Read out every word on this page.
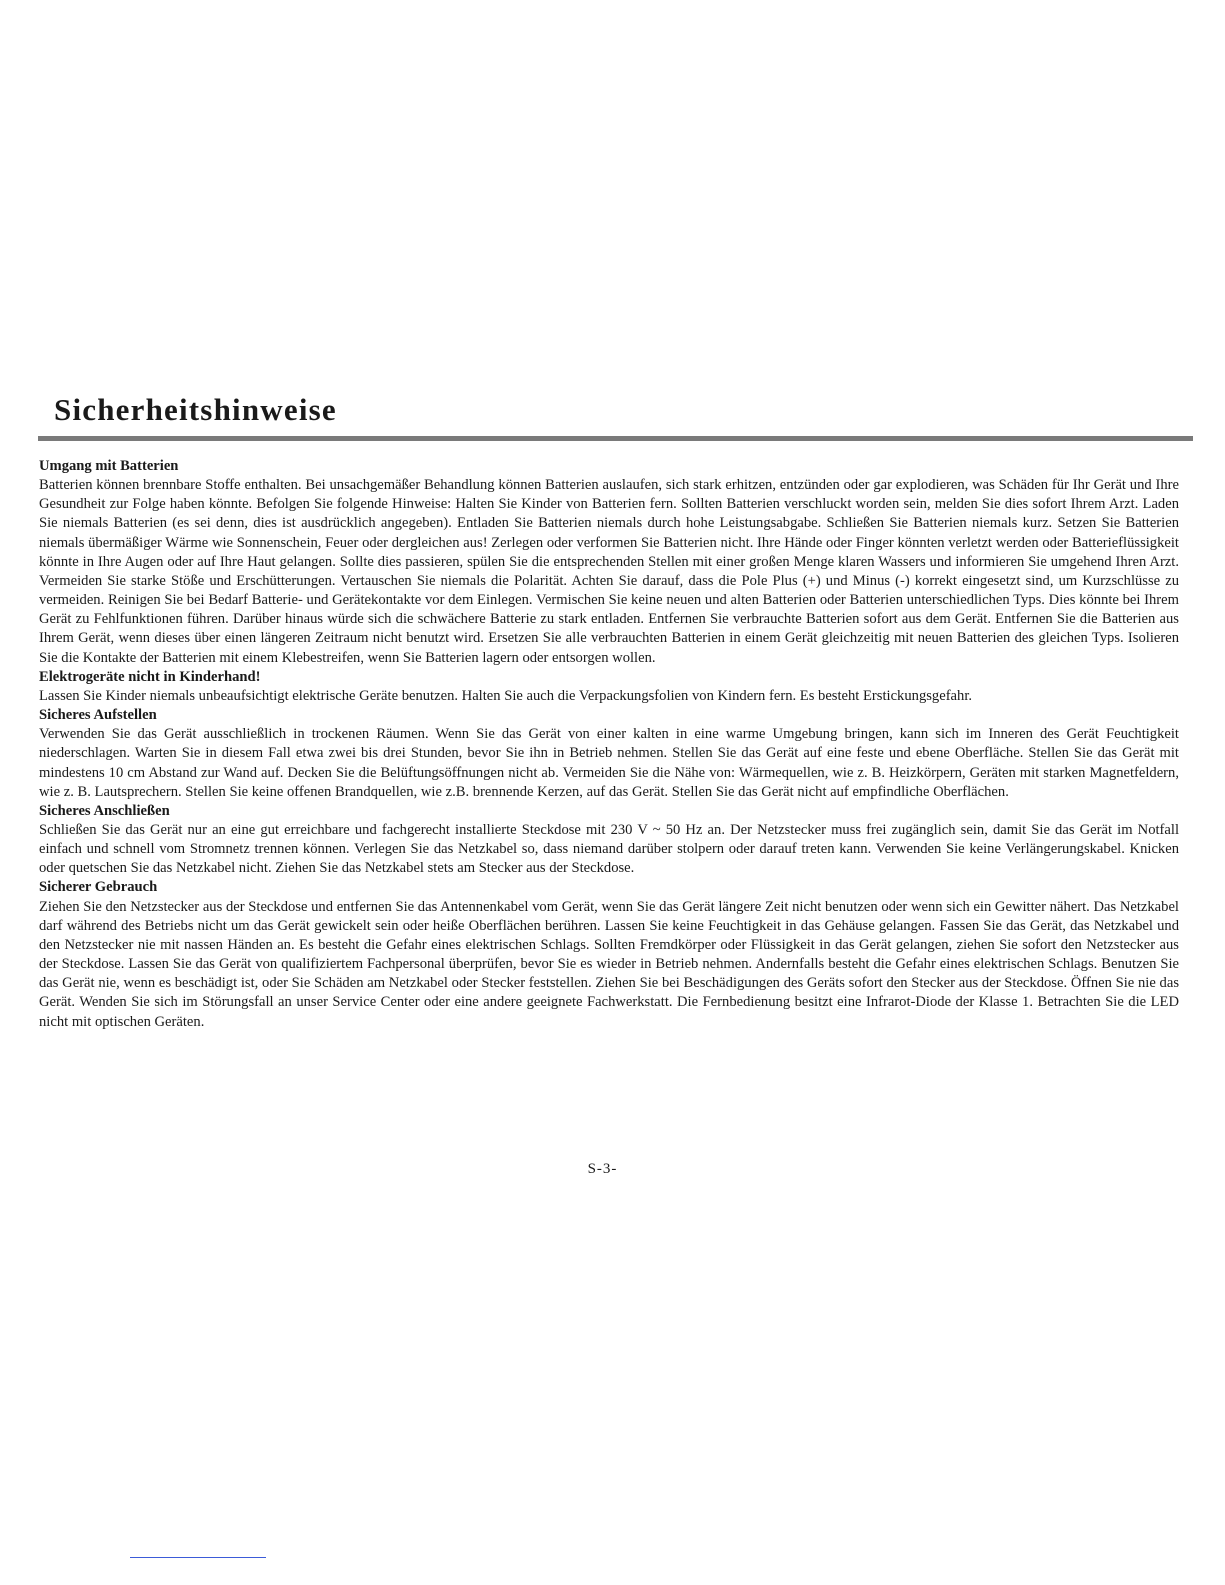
Sicherheitshinweise

Umgang mit Batterien

Batterien können brennbare Stoffe enthalten. Bei unsachgemäßer Behandlung können Batterien auslaufen, sich stark erhitzen, entzünden oder gar explodieren, was Schäden für Ihr Gerät und Ihre Gesundheit zur Folge haben könnte. Befolgen Sie folgende Hinweise: Halten Sie Kinder von Batterien fern. Sollten Batterien verschluckt worden sein, melden Sie dies sofort Ihrem Arzt. Laden Sie niemals Batterien (es sei denn, dies ist ausdrücklich angegeben). Entladen Sie Batterien niemals durch hohe Leistungsabgabe. Schließen Sie Batterien niemals kurz. Setzen Sie Batterien niemals übermäßiger Wärme wie Sonnenschein, Feuer oder dergleichen aus! Zerlegen oder verformen Sie Batterien nicht. Ihre Hände oder Finger könnten verletzt werden oder Batterieflüssigkeit könnte in Ihre Augen oder auf Ihre Haut gelangen. Sollte dies passieren, spülen Sie die entsprechenden Stellen mit einer großen Menge klaren Wassers und informieren Sie umgehend Ihren Arzt. Vermeiden Sie starke Stöße und Erschütterungen. Vertauschen Sie niemals die Polarität. Achten Sie darauf, dass die Pole Plus (+) und Minus (-) korrekt eingesetzt sind, um Kurzschlüsse zu vermeiden. Reinigen Sie bei Bedarf Batterie- und Gerätekontakte vor dem Einlegen. Vermischen Sie keine neuen und alten Batterien oder Batterien unterschiedlichen Typs. Dies könnte bei Ihrem Gerät zu Fehlfunktionen führen. Darüber hinaus würde sich die schwächere Batterie zu stark entladen. Entfernen Sie verbrauchte Batterien sofort aus dem Gerät. Entfernen Sie die Batterien aus Ihrem Gerät, wenn dieses über einen längeren Zeitraum nicht benutzt wird. Ersetzen Sie alle verbrauchten Batterien in einem Gerät gleichzeitig mit neuen Batterien des gleichen Typs. Isolieren Sie die Kontakte der Batterien mit einem Klebestreifen, wenn Sie Batterien lagern oder entsorgen wollen.

Elektrogeräte nicht in Kinderhand!

Lassen Sie Kinder niemals unbeaufsichtigt elektrische Geräte benutzen. Halten Sie auch die Verpackungsfolien von Kindern fern. Es besteht Erstickungsgefahr.

Sicheres Aufstellen

Verwenden Sie das Gerät ausschließlich in trockenen Räumen. Wenn Sie das Gerät von einer kalten in eine warme Umgebung bringen, kann sich im Inneren des Gerät Feuchtigkeit niederschlagen. Warten Sie in diesem Fall etwa zwei bis drei Stunden, bevor Sie ihn in Betrieb nehmen. Stellen Sie das Gerät auf eine feste und ebene Oberfläche. Stellen Sie das Gerät mit mindestens 10 cm Abstand zur Wand auf. Decken Sie die Belüftungsöffnungen nicht ab. Vermeiden Sie die Nähe von: Wärmequellen, wie z. B. Heizkörpern, Geräten mit starken Magnetfeldern, wie z. B. Lautsprechern. Stellen Sie keine offenen Brandquellen, wie z.B. brennende Kerzen, auf das Gerät. Stellen Sie das Gerät nicht auf empfindliche Oberflächen.

Sicheres Anschließen

Schließen Sie das Gerät nur an eine gut erreichbare und fachgerecht installierte Steckdose mit 230 V ~ 50 Hz an. Der Netzstecker muss frei zugänglich sein, damit Sie das Gerät im Notfall einfach und schnell vom Stromnetz trennen können. Verlegen Sie das Netzkabel so, dass niemand darüber stolpern oder darauf treten kann. Verwenden Sie keine Verlängerungskabel. Knicken oder quetschen Sie das Netzkabel nicht. Ziehen Sie das Netzkabel stets am Stecker aus der Steckdose.

Sicherer Gebrauch

Ziehen Sie den Netzstecker aus der Steckdose und entfernen Sie das Antennenkabel vom Gerät, wenn Sie das Gerät längere Zeit nicht benutzen oder wenn sich ein Gewitter nähert. Das Netzkabel darf während des Betriebs nicht um das Gerät gewickelt sein oder heiße Oberflächen berühren. Lassen Sie keine Feuchtigkeit in das Gehäuse gelangen. Fassen Sie das Gerät, das Netzkabel und den Netzstecker nie mit nassen Händen an. Es besteht die Gefahr eines elektrischen Schlags. Sollten Fremdkörper oder Flüssigkeit in das Gerät gelangen, ziehen Sie sofort den Netzstecker aus der Steckdose. Lassen Sie das Gerät von qualifiziertem Fachpersonal überprüfen, bevor Sie es wieder in Betrieb nehmen. Andernfalls besteht die Gefahr eines elektrischen Schlags. Benutzen Sie das Gerät nie, wenn es beschädigt ist, oder Sie Schäden am Netzkabel oder Stecker feststellen. Ziehen Sie bei Beschädigungen des Geräts sofort den Stecker aus der Steckdose. Öffnen Sie nie das Gerät. Wenden Sie sich im Störungsfall an unser Service Center oder eine andere geeignete Fachwerkstatt. Die Fernbedienung besitzt eine Infrarot-Diode der Klasse 1. Betrachten Sie die LED nicht mit optischen Geräten.

S-3-
